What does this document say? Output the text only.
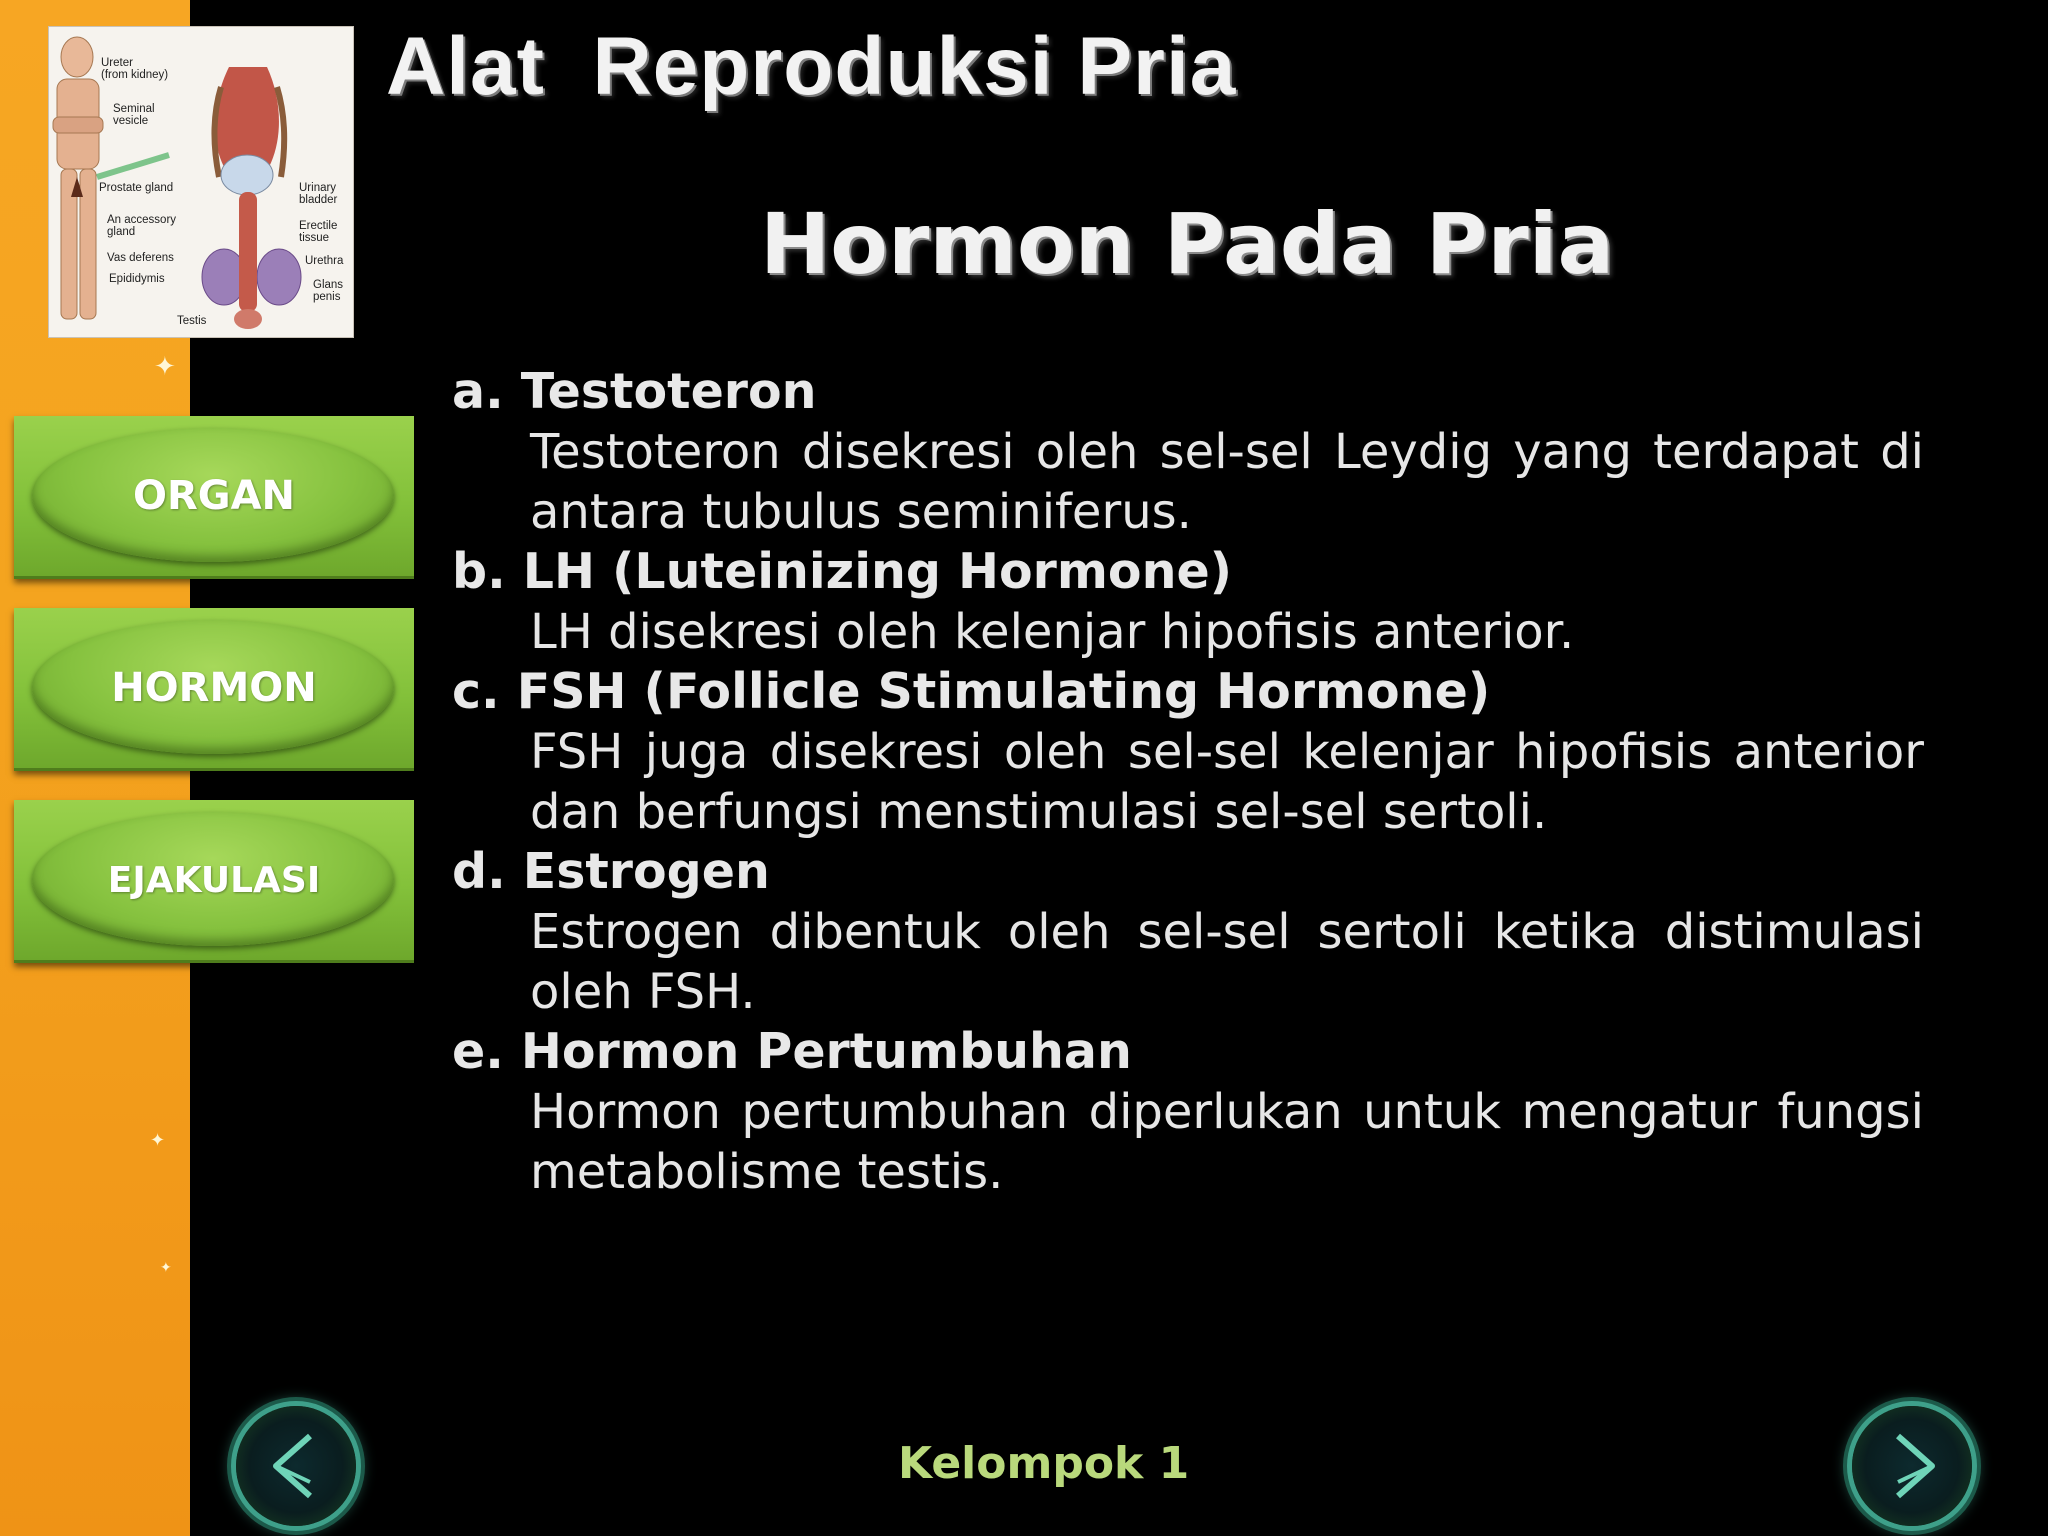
✦
✦
✦
Ureter
(from kidney)
Seminal
vesicle
Prostate gland
An accessory
gland
Vas deferens
Epididymis
Testis
Urinary
bladder
Erectile
tissue
Urethra
Glans
penis
Alat  Reproduksi Pria
Hormon Pada Pria
ORGAN
HORMON
EJAKULASI

a. Testoteron

Testoteron disekresi oleh sel-sel Leydig yang terdapat di antara tubulus seminiferus.

b. LH (Luteinizing Hormone)

LH disekresi oleh kelenjar hipofisis anterior.

c. FSH (Follicle Stimulating Hormone)

FSH juga disekresi oleh sel-sel kelenjar hipofisis anterior dan berfungsi menstimulasi sel-sel sertoli.

d. Estrogen

Estrogen dibentuk oleh sel-sel sertoli ketika distimulasi oleh FSH.

e. Hormon Pertumbuhan

Hormon pertumbuhan diperlukan untuk mengatur fungsi metabolisme testis.

Kelompok 1
